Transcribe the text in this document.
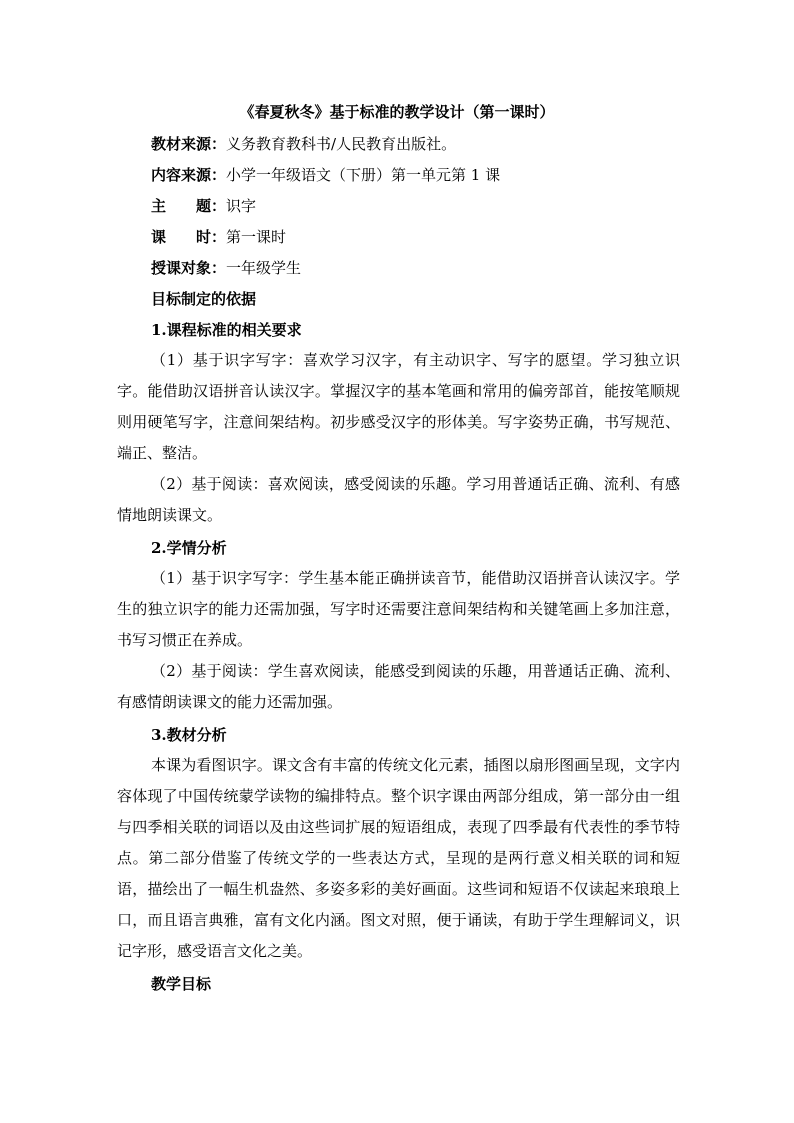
《春夏秋冬》基于标准的教学设计（第一课时）
教材来源：义务教育教科书/人民教育出版社。
内容来源：小学一年级语文（下册）第一单元第 1 课
主　　题：识字
课　　时：第一课时
授课对象：一年级学生
目标制定的依据
1.课程标准的相关要求

（1）基于识字写字：喜欢学习汉字，有主动识字、写字的愿望。学习独立识字。能借助汉语拼音认读汉字。掌握汉字的基本笔画和常用的偏旁部首，能按笔顺规则用硬笔写字，注意间架结构。初步感受汉字的形体美。写字姿势正确，书写规范、端正、整洁。

（2）基于阅读：喜欢阅读，感受阅读的乐趣。学习用普通话正确、流利、有感情地朗读课文。

2.学情分析

（1）基于识字写字：学生基本能正确拼读音节，能借助汉语拼音认读汉字。学生的独立识字的能力还需加强，写字时还需要注意间架结构和关键笔画上多加注意，书写习惯正在养成。

（2）基于阅读：学生喜欢阅读，能感受到阅读的乐趣，用普通话正确、流利、有感情朗读课文的能力还需加强。

3.教材分析

本课为看图识字。课文含有丰富的传统文化元素，插图以扇形图画呈现，文字内容体现了中国传统蒙学读物的编排特点。整个识字课由两部分组成，第一部分由一组与四季相关联的词语以及由这些词扩展的短语组成，表现了四季最有代表性的季节特点。第二部分借鉴了传统文学的一些表达方式，呈现的是两行意义相关联的词和短语，描绘出了一幅生机盎然、多姿多彩的美好画面。这些词和短语不仅读起来琅琅上口，而且语言典雅，富有文化内涵。图文对照，便于诵读，有助于学生理解词义，识记字形，感受语言文化之美。

教学目标
